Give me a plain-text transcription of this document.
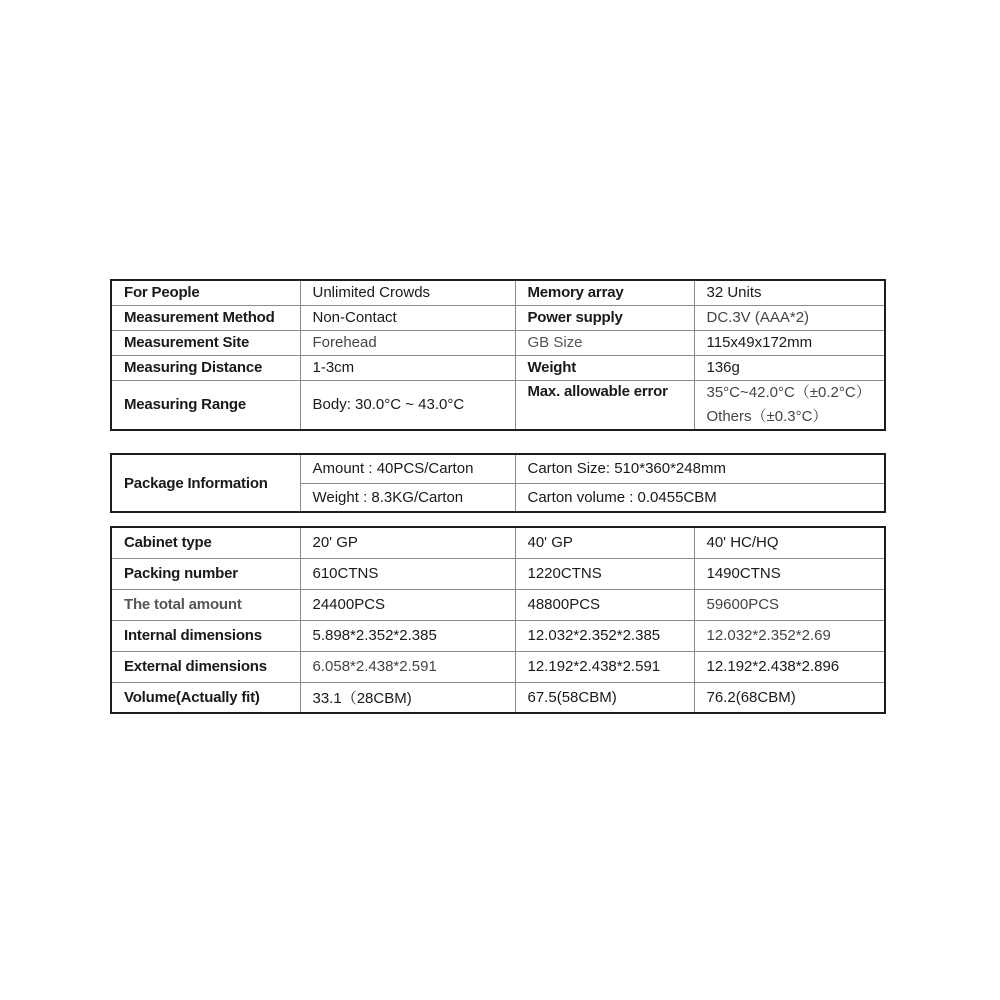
For People	Unlimited Crowds	Memory array	32 Units
Measurement Method	Non-Contact	Power supply	DC.3V (AAA*2)
Measurement Site	Forehead	GB Size	115x49x172mm
Measuring Distance	1-3cm	Weight	136g
Measuring Range	Body: 30.0°C ~ 43.0°C	Max. allowable error	35°C~42.0°C（±0.2°C）
Others（±0.3°C）
Package Information	Amount : 40PCS/Carton	Carton Size: 510*360*248mm
	Weight : 8.3KG/Carton	Carton volume : 0.0455CBM
Cabinet type	20' GP	40' GP	40' HC/HQ
Packing number	610CTNS	1220CTNS	1490CTNS
The total amount	24400PCS	48800PCS	59600PCS
Internal dimensions	5.898*2.352*2.385	12.032*2.352*2.385	12.032*2.352*2.69
External dimensions	6.058*2.438*2.591	12.192*2.438*2.591	12.192*2.438*2.896
Volume(Actually fit)	33.1（28CBM)	67.5(58CBM)	76.2(68CBM)
